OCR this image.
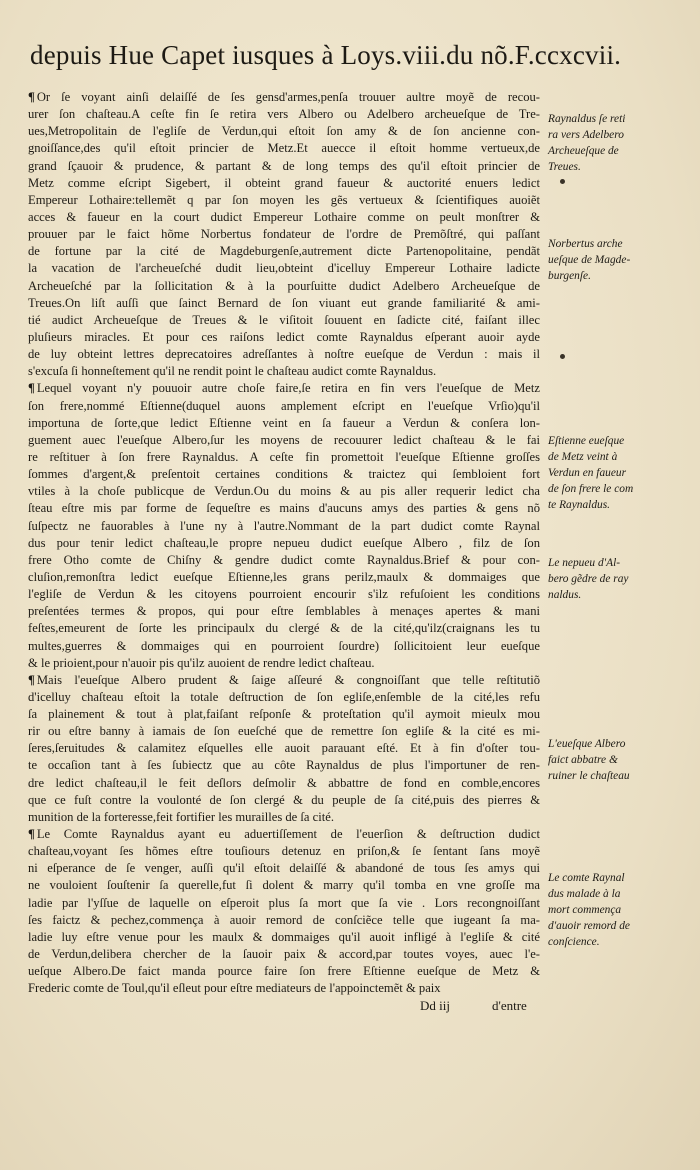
depuis Hue Capet iusques à Loys.viii.du nõ.F.ccxcvii.
¶ Or ſe voyant ainſi delaiſſé de ſes gensd'armes,penſa trouuer aultre moyẽ de recou-
urer ſon chaſteau.A ceſte fin ſe retira vers Albero ou Adelbero archeueſque de Tre-
ues,Metropolitain de l'egliſe de Verdun,qui eſtoit ſon amy & de ſon ancienne con-
gnoiſſance,des qu'il eſtoit princier de Metz.Et auecce il eſtoit homme vertueux,de
grand ſçauoir & prudence, & partant & de long temps des qu'il eſtoit princier de
Metz comme eſcript Sigebert, il obteint grand faueur & auctorité enuers ledict
Empereur Lothaire:tellemẽt q par ſon moyen les gẽs vertueux & ſcientifiques auoiẽt
acces & faueur en la court dudict Empereur Lothaire comme on peult monſtrer &
prouuer par le faict hõme Norbertus fondateur de l'ordre de Premõſtré, qui paſſant
de fortune par la cité de Magdeburgenſe,autrement dicte Partenopolitaine, pendãt
la vacation de l'archeueſché dudit lieu,obteint d'icelluy Empereur Lothaire ladicte
Archeueſché par la ſollicitation & à la pourſuitte dudict Adelbero Archeueſque de
Treues.On liſt auſſi que ſainct Bernard de ſon viuant eut grande familiarité & ami-
tié audict Archeueſque de Treues & le viſitoit ſouuent en ſadicte cité, faiſant illec
pluſieurs miracles. Et pour ces raiſons ledict comte Raynaldus eſperant auoir ayde
de luy obteint lettres deprecatoires adreſſantes à noſtre eueſque de Verdun : mais il
s'excuſa ſi honneſtement qu'il ne rendit point le chaſteau audict comte Raynaldus.
¶ Lequel voyant n'y pouuoir autre choſe faire,ſe retira en fin vers l'eueſque de Metz
ſon frere,nommé Eſtienne(duquel auons amplement eſcript en l'eueſque Vrſio)qu'il
importuna de ſorte,que ledict Eſtienne veint en ſa faueur a Verdun & conſera lon-
guement auec l'eueſque Albero,ſur les moyens de recouurer ledict chaſteau & le fai
re reſtituer à ſon frere Raynaldus. A ceſte fin promettoit l'eueſque Eſtienne groſſes
ſommes d'argent,& preſentoit certaines conditions & traictez qui ſembloient fort
vtiles à la choſe publicque de Verdun.Ou du moins & au pis aller requerir ledict cha
ſteau eſtre mis par forme de ſequeſtre es mains d'aucuns amys des parties & gens nõ
ſuſpectz ne fauorables à l'une ny à l'autre.Nommant de la part dudict comte Raynal
dus pour tenir ledict chaſteau,le propre nepueu dudict eueſque Albero , filz de ſon
frere Otho comte de Chiſny & gendre dudict comte Raynaldus.Brief & pour con-
cluſion,remonſtra ledict eueſque Eſtienne,les grans perilz,maulx & dommaiges que
l'egliſe de Verdun & les citoyens pourroient encourir s'ilz refuſoient les conditions
preſentées termes & propos, qui pour eſtre ſemblables à menaçes apertes & mani
feſtes,emeurent de ſorte les principaulx du clergé & de la cité,qu'ilz(craignans les tu
multes,guerres & dommaiges qui en pourroient ſourdre) ſollicitoient leur eueſque
& le prioient,pour n'auoir pis qu'ilz auoient de rendre ledict chaſteau.
¶ Mais l'eueſque Albero prudent & ſaige aſſeuré & congnoiſſant que telle reſtitutiõ
d'icelluy chaſteau eſtoit la totale deſtruction de ſon egliſe,enſemble de la cité,les refu
ſa plainement & tout à plat,faiſant reſponſe & proteſtation qu'il aymoit mieulx mou
rir ou eſtre banny à iamais de ſon eueſché que de remettre ſon egliſe & la cité es mi-
ſeres,ſeruitudes & calamitez eſquelles elle auoit parauant eſté. Et à fin d'oſter tou-
te occaſion tant à ſes ſubiectz que au côte Raynaldus de plus l'importuner de ren-
dre ledict chaſteau,il le feit deſlors deſmolir & abbattre de fond en comble,encores
que ce fuſt contre la voulonté de ſon clergé & du peuple de ſa cité,puis des pierres &
munition de la forteresse,feit fortifier les murailles de ſa cité.
¶ Le Comte Raynaldus ayant eu aduertiſſement de l'euerſion & deſtruction dudict
chaſteau,voyant ſes hõmes eſtre touſiours detenuz en priſon,& ſe ſentant ſans moyẽ
ni eſperance de ſe venger, auſſi qu'il eſtoit delaiſſé & abandoné de tous ſes amys qui
ne vouloient ſouſtenir ſa querelle,fut ſi dolent & marry qu'il tomba en vne groſſe ma
ladie par l'yſſue de laquelle on eſperoit plus ſa mort que ſa vie . Lors recongnoiſſant
ſes faictz & pechez,commença à auoir remord de conſciẽce telle que iugeant ſa ma-
ladie luy eſtre venue pour les maulx & dommaiges qu'il auoit infligé à l'egliſe & cité
de Verdun,delibera chercher de la ſauoir paix & accord,par toutes voyes, auec l'e-
ueſque Albero.De faict manda pource faire ſon frere Eſtienne eueſque de Metz &
Frederic comte de Toul,qu'il eſleut pour eſtre mediateurs de l'appoinctemẽt & paix
Raynaldus ſe reti
ra vers Adelbero
Archeueſque de
Treues.
Norbertus arche
ueſque de Magde-
burgenſe.
Eſtienne eueſque
de Metz veint à
Verdun en faueur
de ſon frere le com
te Raynaldus.
Le nepueu d'Al-
bero gẽdre de ray
naldus.
L'eueſque Albero
faict abbatre &
ruiner le chaſteau
Le comte Raynal
dus malade à la
mort commença
d'auoir remord de
conſcience.
Dd iij	d'entre
